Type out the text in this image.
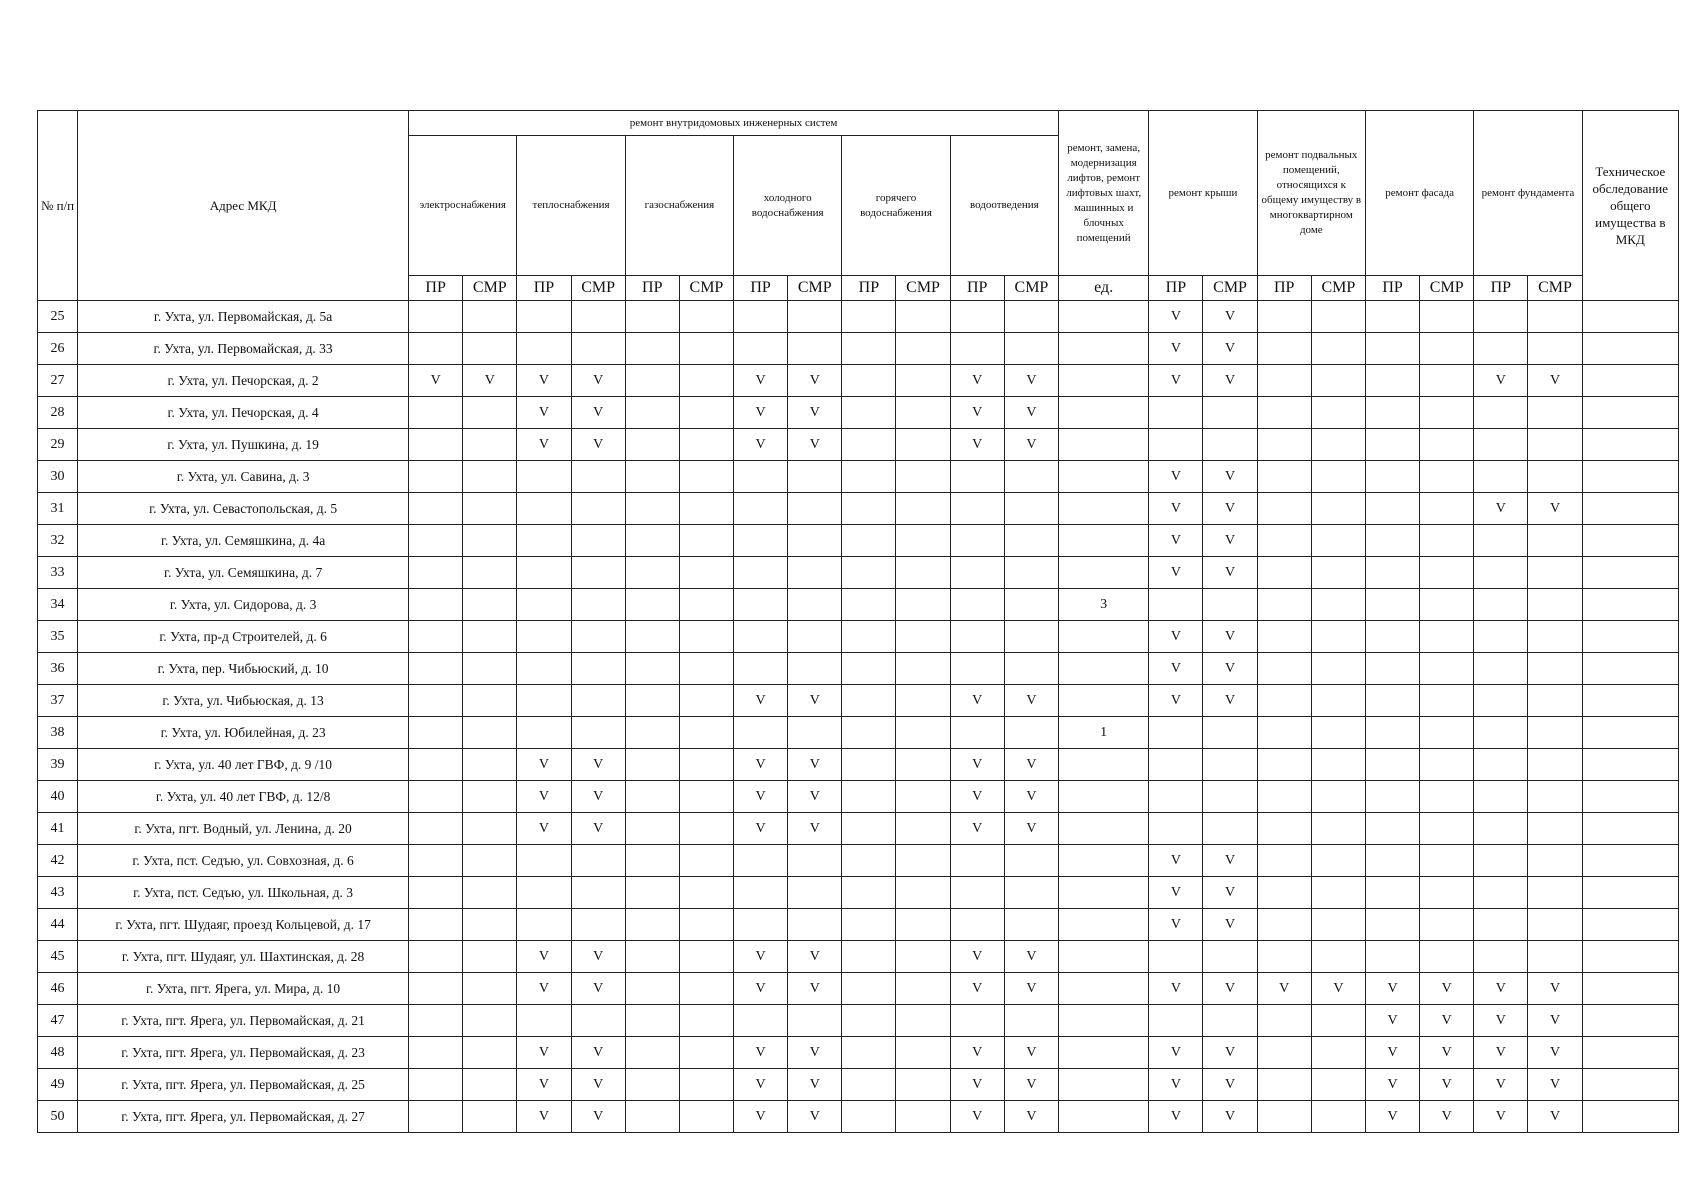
№ п/п	Адрес МКД	ремонт внутридомовых инженерных систем												ремонт, замена, модернизация лифтов, ремонт лифтовых шахт, машинных и блочных помещений	ремонт крыши		ремонт подвальных помещений, относящихся к общему имуществу в многоквартирном доме		ремонт фасада		ремонт фундамента		Техническое обследование общего имущества в МКД
		электроснабжения		теплоснабжения		газоснабжения		холодного водоснабжения		горячего водоснабжения		водоотведения											
		ПР	СМР	ПР	СМР	ПР	СМР	ПР	СМР	ПР	СМР	ПР	СМР	ед.	ПР	СМР	ПР	СМР	ПР	СМР	ПР	СМР	
25	г. Ухта, ул. Первомайская, д. 5а														V	V							
26	г. Ухта, ул. Первомайская, д. 33														V	V							
27	г. Ухта, ул. Печорская, д. 2	V	V	V	V			V	V			V	V		V	V					V	V	
28	г. Ухта, ул. Печорская, д. 4			V	V			V	V			V	V										
29	г. Ухта, ул. Пушкина, д. 19			V	V			V	V			V	V										
30	г. Ухта, ул. Савина, д. 3														V	V							
31	г. Ухта, ул. Севастопольская, д. 5														V	V					V	V	
32	г. Ухта, ул. Семяшкина, д. 4а														V	V							
33	г. Ухта, ул. Семяшкина, д. 7														V	V							
34	г. Ухта, ул. Сидорова, д. 3													3									
35	г. Ухта, пр-д Строителей, д. 6														V	V							
36	г. Ухта, пер. Чибьюский, д. 10														V	V							
37	г. Ухта, ул. Чибьюская, д. 13							V	V			V	V		V	V							
38	г. Ухта, ул. Юбилейная, д. 23													1									
39	г. Ухта, ул. 40 лет ГВФ, д. 9 /10			V	V			V	V			V	V										
40	г. Ухта, ул. 40 лет ГВФ, д. 12/8			V	V			V	V			V	V										
41	г. Ухта, пгт. Водный, ул. Ленина, д. 20			V	V			V	V			V	V										
42	г. Ухта, пст. Седъю, ул. Совхозная, д. 6														V	V							
43	г. Ухта, пст. Седъю, ул. Школьная, д. 3														V	V							
44	г. Ухта, пгт. Шудаяг, проезд Кольцевой, д. 17														V	V							
45	г. Ухта, пгт. Шудаяг, ул. Шахтинская, д. 28			V	V			V	V			V	V										
46	г. Ухта, пгт. Ярега, ул. Мира, д. 10			V	V			V	V			V	V		V	V	V	V	V	V	V	V	
47	г. Ухта, пгт. Ярега, ул. Первомайская, д. 21																		V	V	V	V	
48	г. Ухта, пгт. Ярега, ул. Первомайская, д. 23			V	V			V	V			V	V		V	V			V	V	V	V	
49	г. Ухта, пгт. Ярега, ул. Первомайская, д. 25			V	V			V	V			V	V		V	V			V	V	V	V	
50	г. Ухта, пгт. Ярега, ул. Первомайская, д. 27			V	V			V	V			V	V		V	V			V	V	V	V	
